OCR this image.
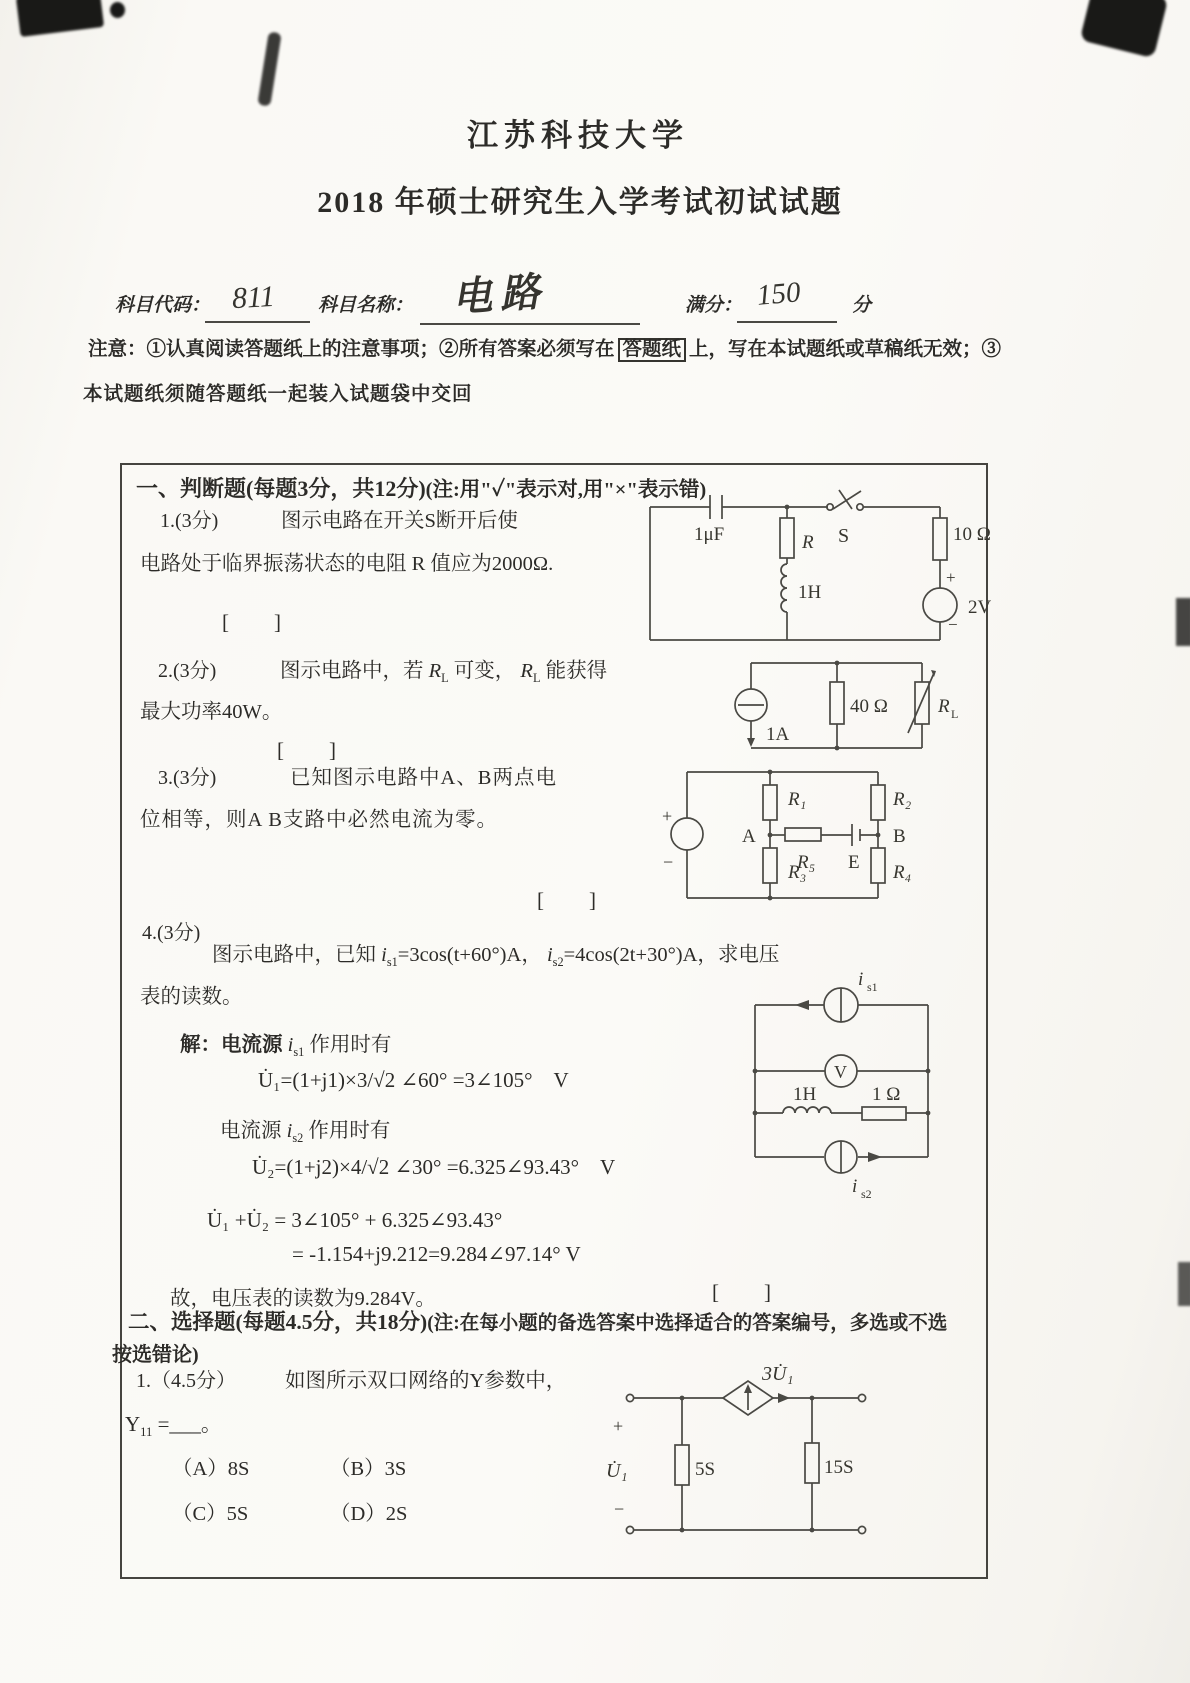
江苏科技大学
2018 年硕士研究生入学考试初试试题
科目代码： 811 科目名称： 电路	满分： 150	分
注意：①认真阅读答题纸上的注意事项；②所有答案必须写在 答题纸 上，写在本试题纸或草稿纸无效；③
本试题纸须随答题纸一起装入试题袋中交回
一、判断题(每题3分，共12分)(注:用"✓"表示对,用"×"表示错)
1.(3分)	图示电路在开关S断开后使
电路处于临界振荡状态的电阻 R 值应为2000Ω.
[　　]
1μF	S
R
1H
10 Ω
+
2V
−
2.(3分)	图示电路中，若 $R_L$ 可变， $R_L$ 能获得
最大功率40W。
[　　]
1A
40 Ω	R L
3.(3分)	已知图示电路中A、B两点电
位相等，则A B支路中必然电流为零。
[　　]
+
−
R₁	R₂
R₃	R₄
R₅ E
A	B
4.(3分)
图示电路中，已知 $i_{s1}=3\cos(t+60^\circ)A$， $i_{s2}=4\cos(2t+30^\circ)A$，求电压
表的读数。
解：电流源 $i_{s1}$ 作用时有
U̇₁=(1+j1)×3/√2 ∠60° =3∠105°　V
电流源 $i_{s2}$ 作用时有
U̇₂=(1+j2)×4/√2 ∠30° =6.325∠93.43°　V
U̇₁ +U̇₂ = 3∠105° + 6.325∠93.43°
= -1.154+j9.212=9.284∠97.14° V
故，电压表的读数为9.284V。	[　　]
i s1
V
1H	1 Ω
i s2
二、选择题(每题4.5分，共18分)(注:在每小题的备选答案中选择适合的答案编号，多选或不选
按选错论)
1.（4.5分） 如图所示双口网络的Y参数中，
$Y_{11}$ =___。
（A）8S	（B）3S
（C）5S	（D）2S
3U̇₁
+
U̇₁
−
5S	15S
